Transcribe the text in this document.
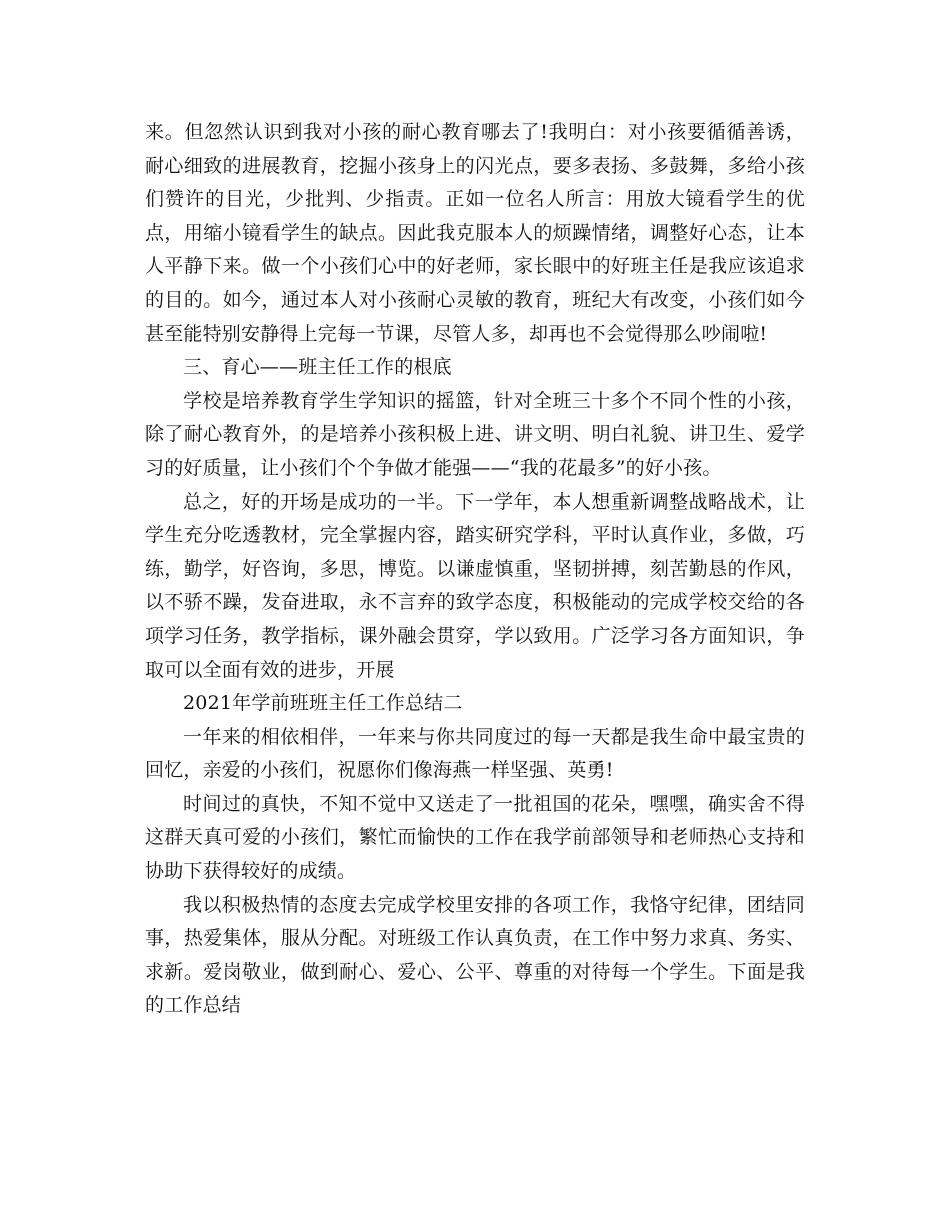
来。但忽然认识到我对小孩的耐心教育哪去了!我明白：对小孩要循循善诱，耐心细致的进展教育，挖掘小孩身上的闪光点，要多表扬、多鼓舞，多给小孩们赞许的目光，少批判、少指责。正如一位名人所言：用放大镜看学生的优点，用缩小镜看学生的缺点。因此我克服本人的烦躁情绪，调整好心态，让本人平静下来。做一个小孩们心中的好老师，家长眼中的好班主任是我应该追求的目的。如今，通过本人对小孩耐心灵敏的教育，班纪大有改变，小孩们如今甚至能特别安静得上完每一节课，尽管人多，却再也不会觉得那么吵闹啦!

三、育心——班主任工作的根底

学校是培养教育学生学知识的摇篮，针对全班三十多个不同个性的小孩，除了耐心教育外，的是培养小孩积极上进、讲文明、明白礼貌、讲卫生、爱学习的好质量，让小孩们个个争做才能强——“我的花最多”的好小孩。

总之，好的开场是成功的一半。下一学年，本人想重新调整战略战术，让学生充分吃透教材，完全掌握内容，踏实研究学科，平时认真作业，多做，巧练，勤学，好咨询，多思，博览。以谦虚慎重，坚韧拼搏，刻苦勤恳的作风，以不骄不躁，发奋进取，永不言弃的致学态度，积极能动的完成学校交给的各项学习任务，教学指标，课外融会贯穿，学以致用。广泛学习各方面知识，争取可以全面有效的进步，开展

2021年学前班班主任工作总结二

一年来的相依相伴，一年来与你共同度过的每一天都是我生命中最宝贵的回忆，亲爱的小孩们，祝愿你们像海燕一样坚强、英勇!

时间过的真快，不知不觉中又送走了一批祖国的花朵，嘿嘿，确实舍不得这群天真可爱的小孩们，繁忙而愉快的工作在我学前部领导和老师热心支持和协助下获得较好的成绩。

我以积极热情的态度去完成学校里安排的各项工作，我恪守纪律，团结同事，热爱集体，服从分配。对班级工作认真负责，在工作中努力求真、务实、求新。爱岗敬业，做到耐心、爱心、公平、尊重的对待每一个学生。下面是我的工作总结
